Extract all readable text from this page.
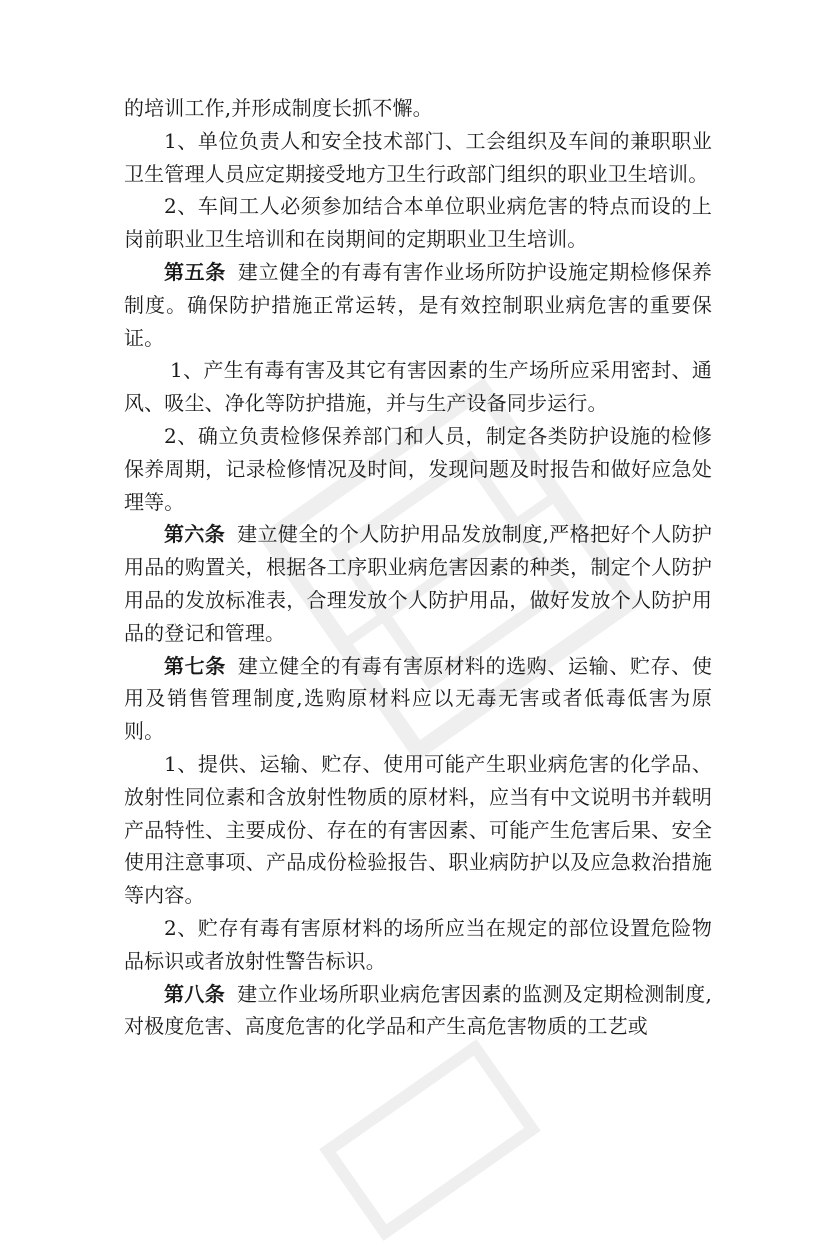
的培训工作,并形成制度长抓不懈。

1、单位负责人和安全技术部门、工会组织及车间的兼职职业卫生管理人员应定期接受地方卫生行政部门组织的职业卫生培训。

2、车间工人必须参加结合本单位职业病危害的特点而设的上岗前职业卫生培训和在岗期间的定期职业卫生培训。

第五条 建立健全的有毒有害作业场所防护设施定期检修保养制度。确保防护措施正常运转，是有效控制职业病危害的重要保证。

1、产生有毒有害及其它有害因素的生产场所应采用密封、通风、吸尘、净化等防护措施，并与生产设备同步运行。

2、确立负责检修保养部门和人员，制定各类防护设施的检修保养周期，记录检修情况及时间，发现问题及时报告和做好应急处理等。

第六条 建立健全的个人防护用品发放制度,严格把好个人防护用品的购置关，根据各工序职业病危害因素的种类，制定个人防护用品的发放标准表，合理发放个人防护用品，做好发放个人防护用品的登记和管理。

第七条 建立健全的有毒有害原材料的选购、运输、贮存、使用及销售管理制度,选购原材料应以无毒无害或者低毒低害为原则。

1、提供、运输、贮存、使用可能产生职业病危害的化学品、放射性同位素和含放射性物质的原材料，应当有中文说明书并载明产品特性、主要成份、存在的有害因素、可能产生危害后果、安全使用注意事项、产品成份检验报告、职业病防护以及应急救治措施等内容。

2、贮存有毒有害原材料的场所应当在规定的部位设置危险物品标识或者放射性警告标识。

第八条 建立作业场所职业病危害因素的监测及定期检测制度,对极度危害、高度危害的化学品和产生高危害物质的工艺或
